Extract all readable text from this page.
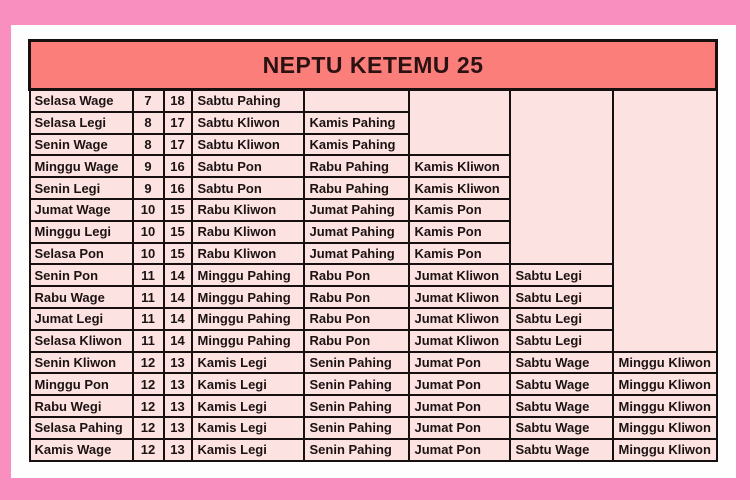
NEPTU KETEMU 25							
Selasa Wage	7	18	Sabtu Pahing				
Selasa Legi	8	17	Sabtu Kliwon	Kamis Pahing			
Senin Wage	8	17	Sabtu Kliwon	Kamis Pahing			
Minggu Wage	9	16	Sabtu Pon	Rabu Pahing	Kamis Kliwon		
Senin Legi	9	16	Sabtu Pon	Rabu Pahing	Kamis Kliwon		
Jumat Wage	10	15	Rabu Kliwon	Jumat Pahing	Kamis Pon		
Minggu Legi	10	15	Rabu Kliwon	Jumat Pahing	Kamis Pon		
Selasa Pon	10	15	Rabu Kliwon	Jumat Pahing	Kamis Pon		
Senin Pon	11	14	Minggu Pahing	Rabu Pon	Jumat Kliwon	Sabtu Legi	
Rabu Wage	11	14	Minggu Pahing	Rabu Pon	Jumat Kliwon	Sabtu Legi	
Jumat Legi	11	14	Minggu Pahing	Rabu Pon	Jumat Kliwon	Sabtu Legi	
Selasa Kliwon	11	14	Minggu Pahing	Rabu Pon	Jumat Kliwon	Sabtu Legi	
Senin Kliwon	12	13	Kamis Legi	Senin Pahing	Jumat Pon	Sabtu Wage	Minggu Kliwon
Minggu Pon	12	13	Kamis Legi	Senin Pahing	Jumat Pon	Sabtu Wage	Minggu Kliwon
Rabu Wegi	12	13	Kamis Legi	Senin Pahing	Jumat Pon	Sabtu Wage	Minggu Kliwon
Selasa Pahing	12	13	Kamis Legi	Senin Pahing	Jumat Pon	Sabtu Wage	Minggu Kliwon
Kamis Wage	12	13	Kamis Legi	Senin Pahing	Jumat Pon	Sabtu Wage	Minggu Kliwon
